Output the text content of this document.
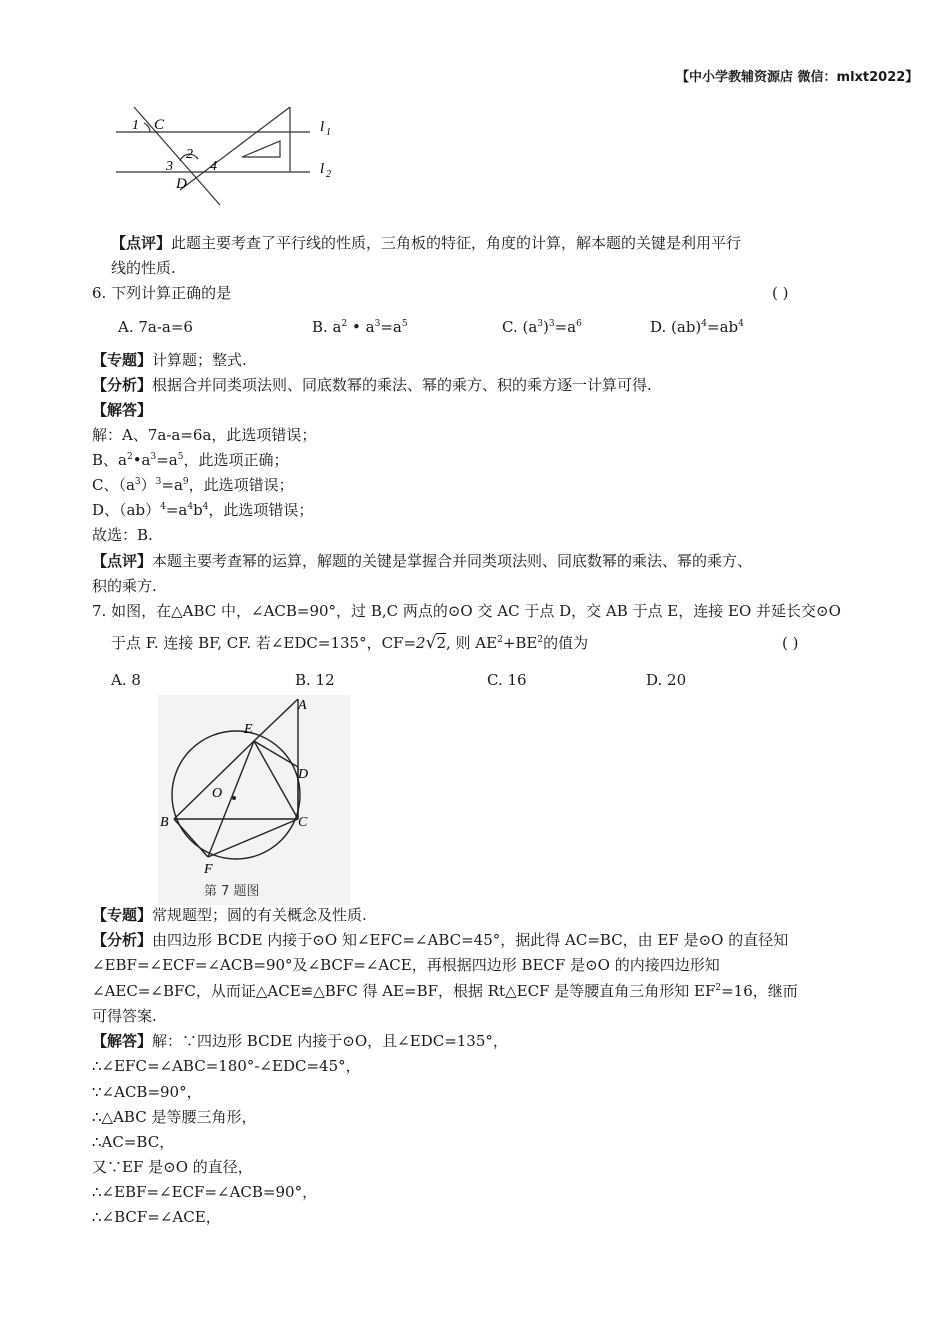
【中小学教辅资源店 微信：mlxt2022】
1 C	l 1
2
3	4
D
l 2
【点评】此题主要考查了平行线的性质，三角板的特征，角度的计算，解本题的关键是利用平行
线的性质.
6. 下列计算正确的是	( )
A. 7a-a=6	B. $a^2$ • $a^3=a^5$	C. $(a^3)^3=a^6$	D. $(ab)^4=ab^4$
【专题】计算题；整式.
【分析】根据合并同类项法则、同底数幂的乘法、幂的乘方、积的乘方逐一计算可得.
【解答】
解：A、7a-a=6a，此选项错误；
B、$a^2•a^3=a^5$，此选项正确；
C、$(a^3)^3=a^9$，此选项错误；
D、$(ab)^4=a^4b^4$，此选项错误；
故选：B.
【点评】本题主要考查幂的运算，解题的关键是掌握合并同类项法则、同底数幂的乘法、幂的乘方、
积的乘方.
7. 如图，在△ABC 中，∠ACB=90°，过 B,C 两点的⊙O 交 AC 于点 D，交 AB 于点 E，连接 EO 并延长交⊙O
于点 F. 连接 BF, CF. 若∠EDC=135°，CF=2√2, 则 $AE^2+BE^2$的值为	( )
A. 8	B. 12	C. 16	D. 20
A
E
D
O
B	C
F
第 7 题图
【专题】常规题型；圆的有关概念及性质.
【分析】由四边形 BCDE 内接于⊙O 知∠EFC=∠ABC=45°，据此得 AC=BC，由 EF 是⊙O 的直径知
∠EBF=∠ECF=∠ACB=90°及∠BCF=∠ACE，再根据四边形 BECF 是⊙O 的内接四边形知
∠AEC=∠BFC，从而证△ACE≌△BFC 得 AE=BF，根据 Rt△ECF 是等腰直角三角形知 $EF^2=16$，继而
可得答案.
【解答】解：∵四边形 BCDE 内接于⊙O，且∠EDC=135°，
∴∠EFC=∠ABC=180°-∠EDC=45°，
∵∠ACB=90°，
∴△ABC 是等腰三角形，
∴AC=BC，
又∵EF 是⊙O 的直径，
∴∠EBF=∠ECF=∠ACB=90°，
∴∠BCF=∠ACE，
